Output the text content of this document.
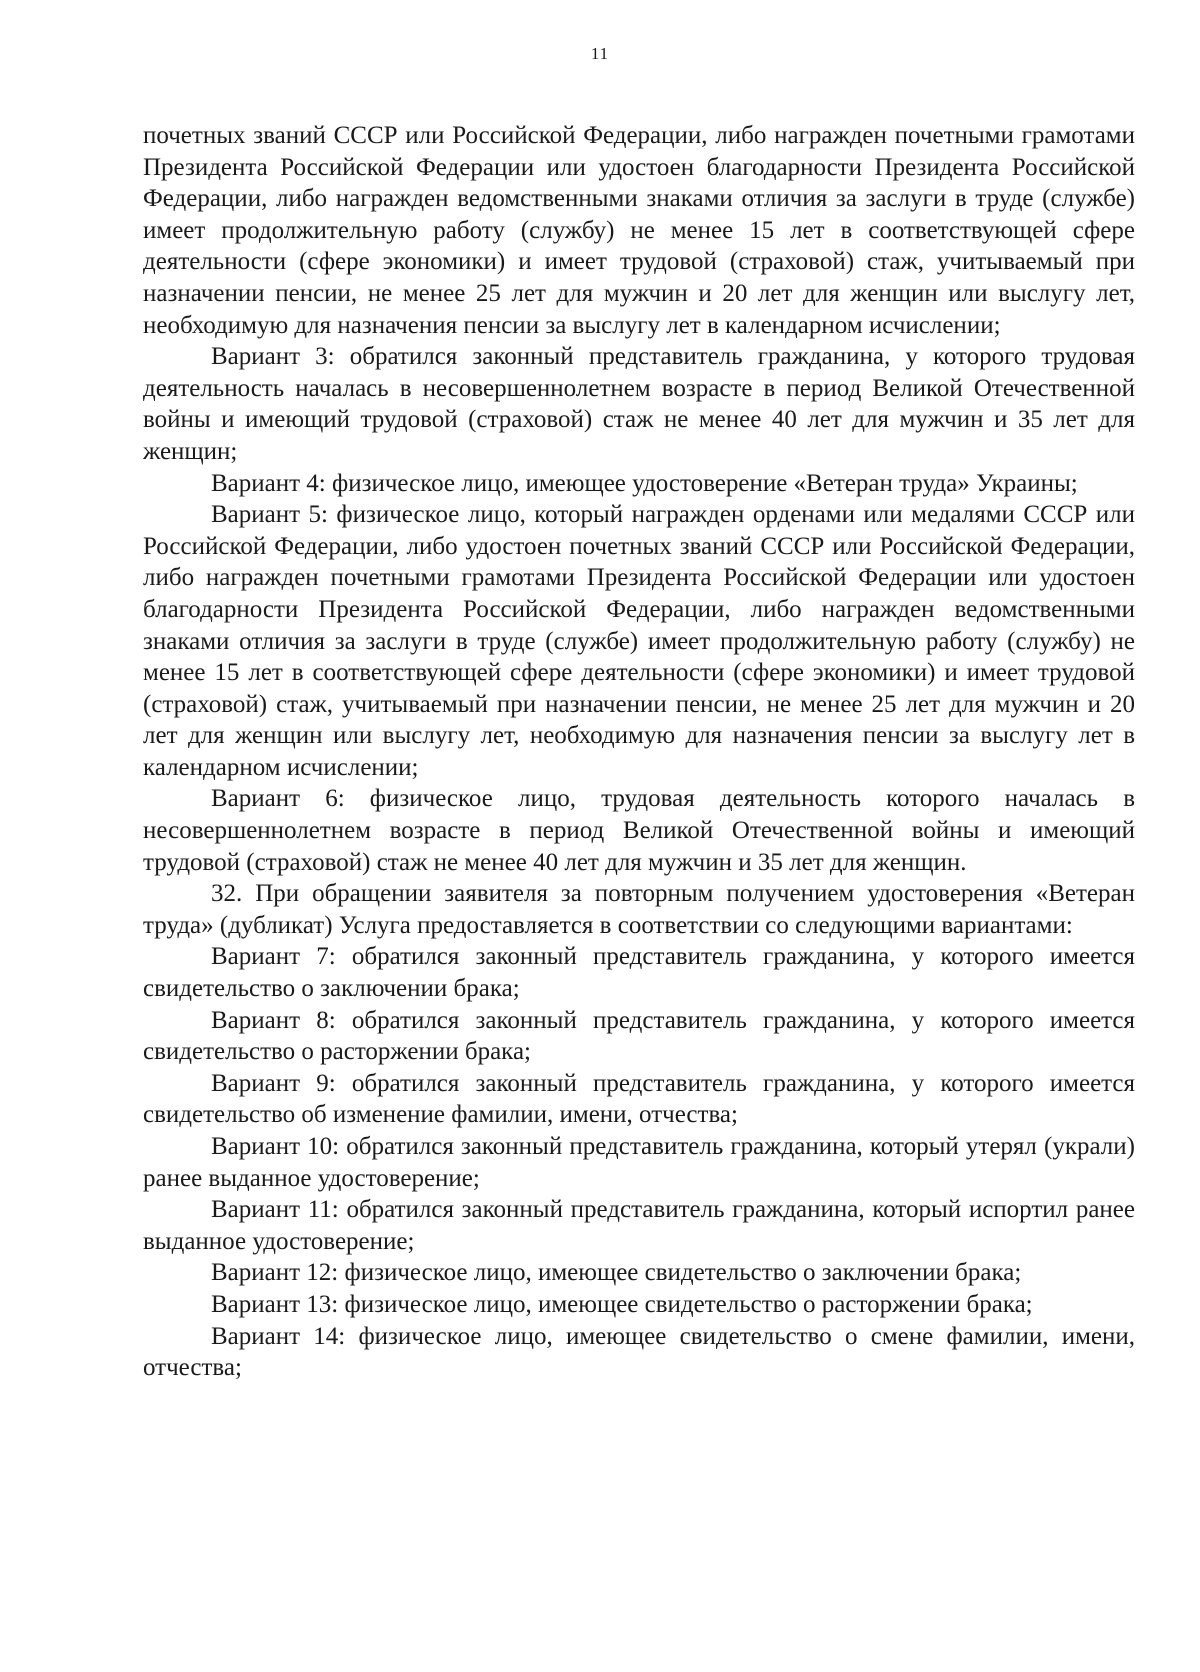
11

почетных званий СССР или Российской Федерации, либо награжден почетными грамотами Президента Российской Федерации или удостоен благодарности Президента Российской Федерации, либо награжден ведомственными знаками отличия за заслуги в труде (службе) имеет продолжительную работу (службу) не менее 15 лет в соответствующей сфере деятельности (сфере экономики) и имеет трудовой (страховой) стаж, учитываемый при назначении пенсии, не менее 25 лет для мужчин и 20 лет для женщин или выслугу лет, необходимую для назначения пенсии за выслугу лет в календарном исчислении;

Вариант 3: обратился законный представитель гражданина, у которого трудовая деятельность началась в несовершеннолетнем возрасте в период Великой Отечественной войны и имеющий трудовой (страховой) стаж не менее 40 лет для мужчин и 35 лет для женщин;

Вариант 4: физическое лицо, имеющее удостоверение «Ветеран труда» Украины;

Вариант 5: физическое лицо, который награжден орденами или медалями СССР или Российской Федерации, либо удостоен почетных званий СССР или Российской Федерации, либо награжден почетными грамотами Президента Российской Федерации или удостоен благодарности Президента Российской Федерации, либо награжден ведомственными знаками отличия за заслуги в труде (службе) имеет продолжительную работу (службу) не менее 15 лет в соответствующей сфере деятельности (сфере экономики) и имеет трудовой (страховой) стаж, учитываемый при назначении пенсии, не менее 25 лет для мужчин и 20 лет для женщин или выслугу лет, необходимую для назначения пенсии за выслугу лет в календарном исчислении;

Вариант 6: физическое лицо, трудовая деятельность которого началась в несовершеннолетнем возрасте в период Великой Отечественной войны и имеющий трудовой (страховой) стаж не менее 40 лет для мужчин и 35 лет для женщин.

32. При обращении заявителя за повторным получением удостоверения «Ветеран труда» (дубликат) Услуга предоставляется в соответствии со следующими вариантами:

Вариант 7: обратился законный представитель гражданина, у которого имеется свидетельство о заключении брака;

Вариант 8: обратился законный представитель гражданина, у которого имеется свидетельство о расторжении брака;

Вариант 9: обратился законный представитель гражданина, у которого имеется свидетельство об изменение фамилии, имени, отчества;

Вариант 10: обратился законный представитель гражданина, который утерял (украли) ранее выданное удостоверение;

Вариант 11: обратился законный представитель гражданина, который испортил ранее выданное удостоверение;

Вариант 12: физическое лицо, имеющее свидетельство о заключении брака;

Вариант 13: физическое лицо, имеющее свидетельство о расторжении брака;

Вариант 14: физическое лицо, имеющее свидетельство о смене фамилии, имени, отчества;
